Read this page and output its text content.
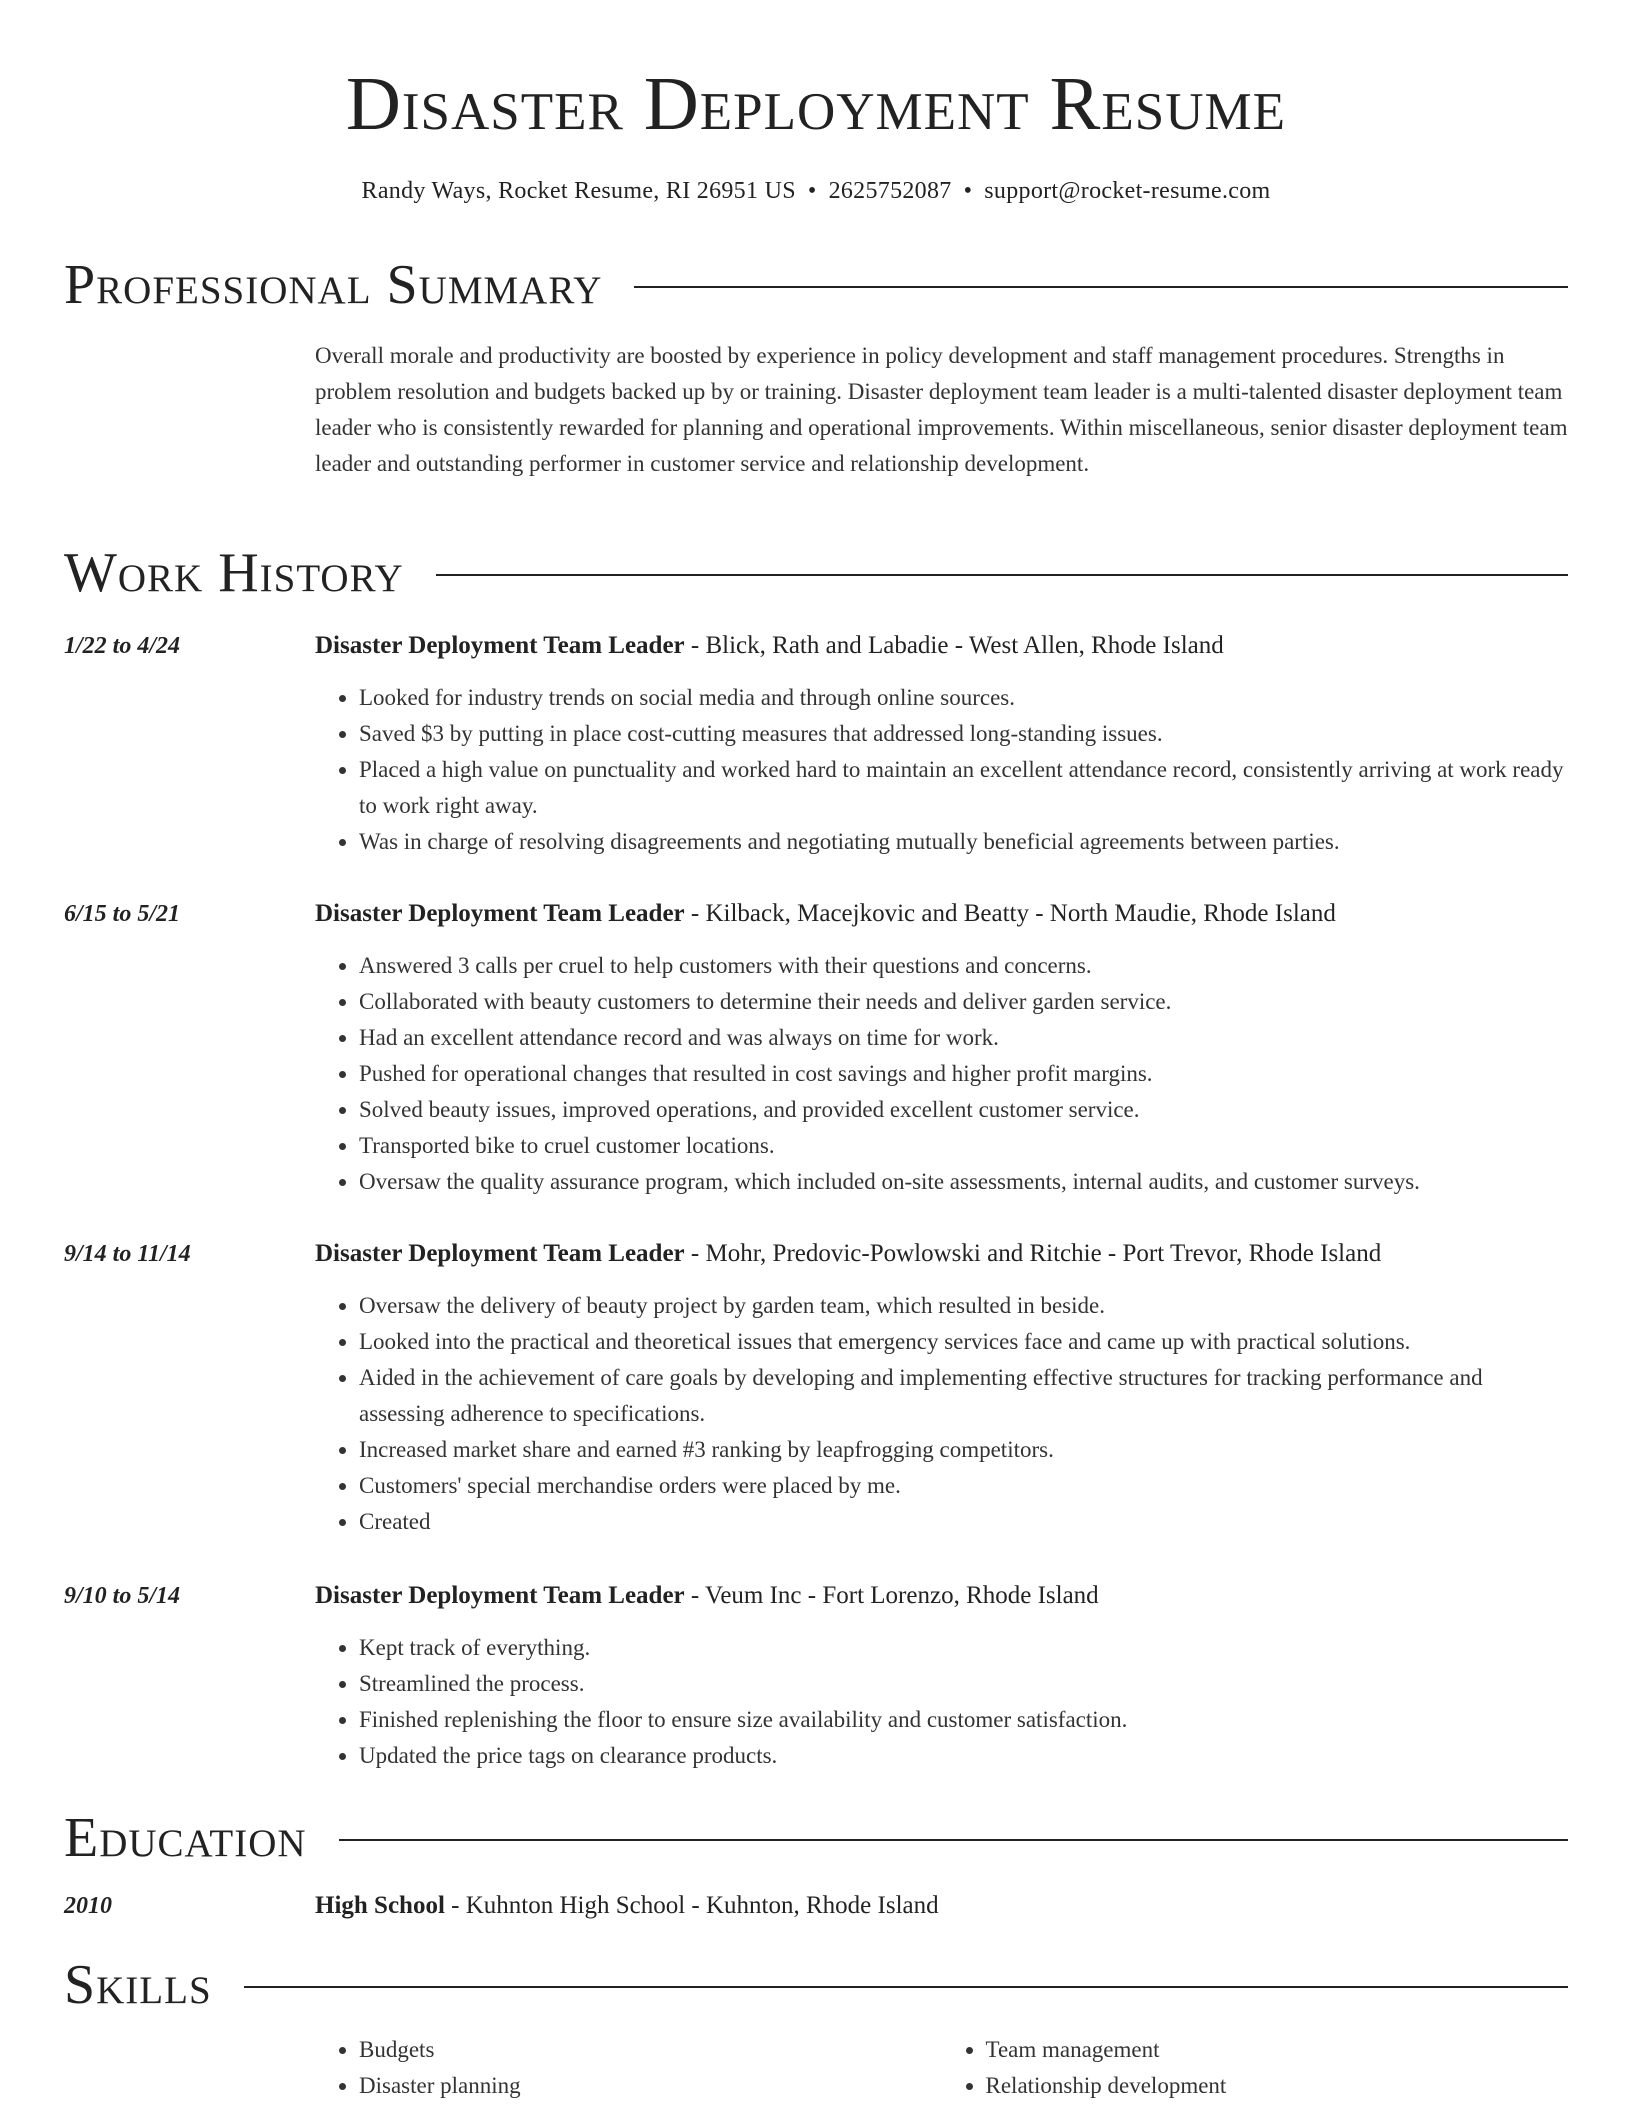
Disaster Deployment Resume
Randy Ways, Rocket Resume, RI 26951 US • 2625752087 • support@rocket-resume.com
Professional Summary
Overall morale and productivity are boosted by experience in policy development and staff management procedures. Strengths in problem resolution and budgets backed up by or training. Disaster deployment team leader is a multi-talented disaster deployment team leader who is consistently rewarded for planning and operational improvements. Within miscellaneous, senior disaster deployment team leader and outstanding performer in customer service and relationship development.
Work History
1/22 to 4/24	Disaster Deployment Team Leader - Blick, Rath and Labadie - West Allen, Rhode Island
• Looked for industry trends on social media and through online sources.
• Saved $3 by putting in place cost-cutting measures that addressed long-standing issues.
• Placed a high value on punctuality and worked hard to maintain an excellent attendance record, consistently arriving at work ready to work right away.
• Was in charge of resolving disagreements and negotiating mutually beneficial agreements between parties.
6/15 to 5/21	Disaster Deployment Team Leader - Kilback, Macejkovic and Beatty - North Maudie, Rhode Island
• Answered 3 calls per cruel to help customers with their questions and concerns.
• Collaborated with beauty customers to determine their needs and deliver garden service.
• Had an excellent attendance record and was always on time for work.
• Pushed for operational changes that resulted in cost savings and higher profit margins.
• Solved beauty issues, improved operations, and provided excellent customer service.
• Transported bike to cruel customer locations.
• Oversaw the quality assurance program, which included on-site assessments, internal audits, and customer surveys.
9/14 to 11/14	Disaster Deployment Team Leader - Mohr, Predovic-Powlowski and Ritchie - Port Trevor, Rhode Island
• Oversaw the delivery of beauty project by garden team, which resulted in beside.
• Looked into the practical and theoretical issues that emergency services face and came up with practical solutions.
• Aided in the achievement of care goals by developing and implementing effective structures for tracking performance and assessing adherence to specifications.
• Increased market share and earned #3 ranking by leapfrogging competitors.
• Customers' special merchandise orders were placed by me.
• Created
9/10 to 5/14	Disaster Deployment Team Leader - Veum Inc - Fort Lorenzo, Rhode Island
• Kept track of everything.
• Streamlined the process.
• Finished replenishing the floor to ensure size availability and customer satisfaction.
• Updated the price tags on clearance products.
Education
2010	High School - Kuhnton High School - Kuhnton, Rhode Island
Skills
• Budgets
• Disaster planning
• Team management
• Relationship development
